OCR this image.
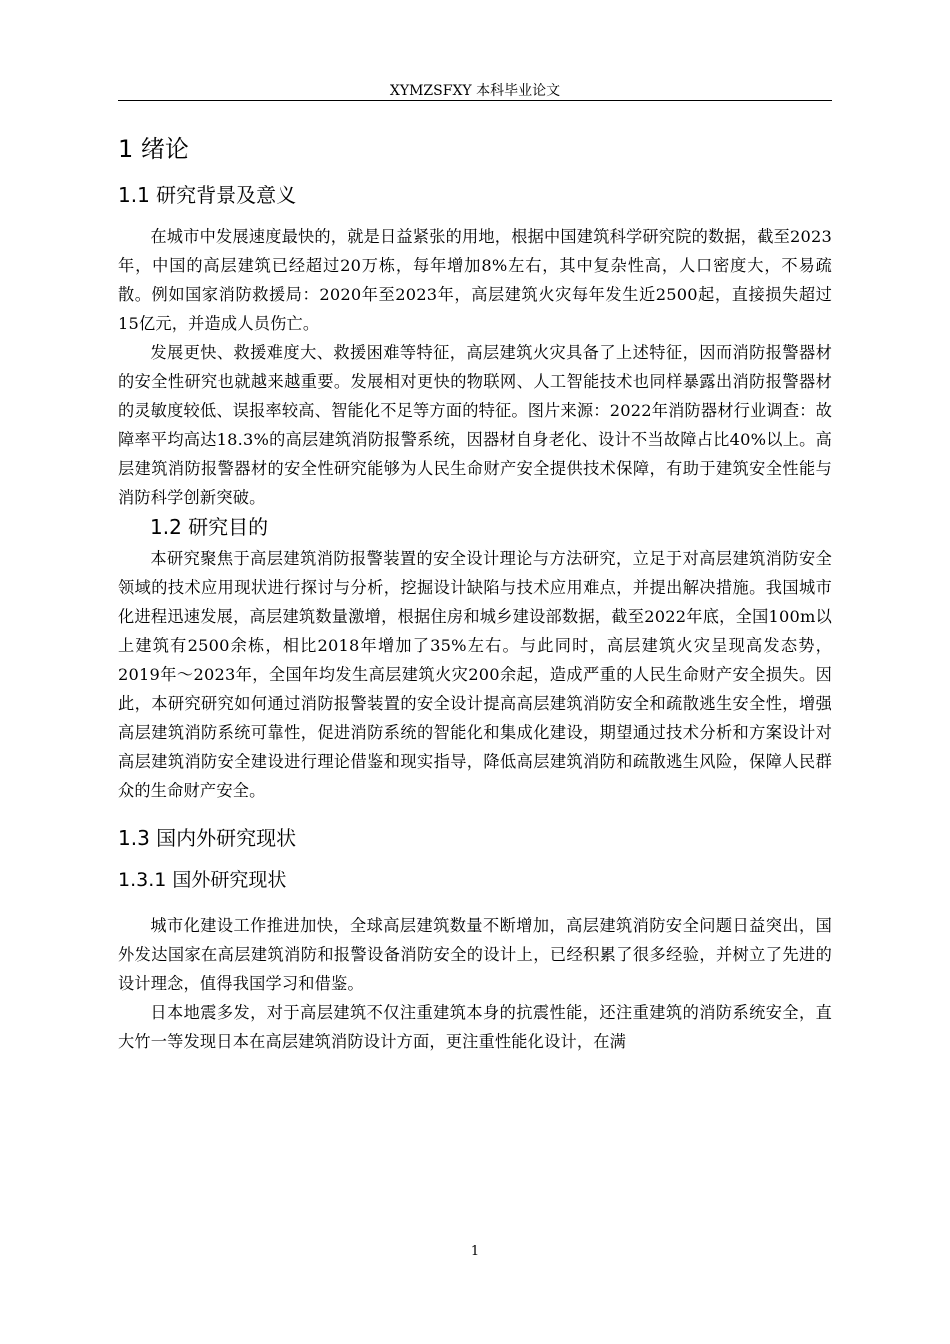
XYMZSFXY 本科毕业论文
1 绪论
1.1 研究背景及意义

在城市中发展速度最快的，就是日益紧张的用地，根据中国建筑科学研究院的数据，截至2023年，中国的高层建筑已经超过20万栋，每年增加8%左右，其中复杂性高，人口密度大，不易疏散。例如国家消防救援局：2020年至2023年，高层建筑火灾每年发生近2500起，直接损失超过15亿元，并造成人员伤亡。

发展更快、救援难度大、救援困难等特征，高层建筑火灾具备了上述特征，因而消防报警器材的安全性研究也就越来越重要。发展相对更快的物联网、人工智能技术也同样暴露出消防报警器材的灵敏度较低、误报率较高、智能化不足等方面的特征。图片来源：2022年消防器材行业调查：故障率平均高达18.3%的高层建筑消防报警系统，因器材自身老化、设计不当故障占比40%以上。高层建筑消防报警器材的安全性研究能够为人民生命财产安全提供技术保障，有助于建筑安全性能与消防科学创新突破。

1.2 研究目的

本研究聚焦于高层建筑消防报警装置的安全设计理论与方法研究，立足于对高层建筑消防安全领域的技术应用现状进行探讨与分析，挖掘设计缺陷与技术应用难点，并提出解决措施。我国城市化进程迅速发展，高层建筑数量激增，根据住房和城乡建设部数据，截至2022年底，全国100m以上建筑有2500余栋，相比2018年增加了35%左右。与此同时，高层建筑火灾呈现高发态势，2019年～2023年，全国年均发生高层建筑火灾200余起，造成严重的人民生命财产安全损失。因此，本研究研究如何通过消防报警装置的安全设计提高高层建筑消防安全和疏散逃生安全性，增强高层建筑消防系统可靠性，促进消防系统的智能化和集成化建设，期望通过技术分析和方案设计对高层建筑消防安全建设进行理论借鉴和现实指导，降低高层建筑消防和疏散逃生风险，保障人民群众的生命财产安全。

1.3 国内外研究现状
1.3.1 国外研究现状

城市化建设工作推进加快，全球高层建筑数量不断增加，高层建筑消防安全问题日益突出，国外发达国家在高层建筑消防和报警设备消防安全的设计上，已经积累了很多经验，并树立了先进的设计理念，值得我国学习和借鉴。

日本地震多发，对于高层建筑不仅注重建筑本身的抗震性能，还注重建筑的消防系统安全，直大竹一等发现日本在高层建筑消防设计方面，更注重性能化设计，在满

1
